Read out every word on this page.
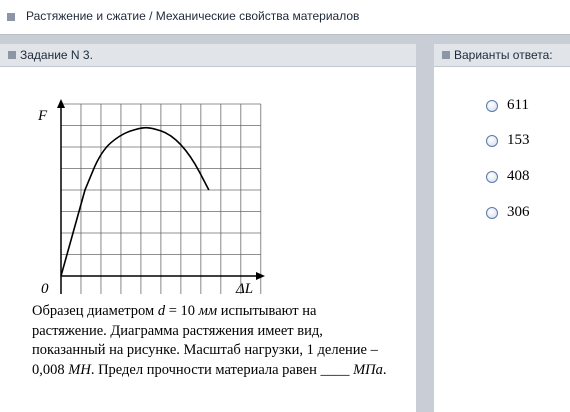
Растяжение и сжатие / Механические свойства материалов
Задание N 3.
F
ΔL
0
Образец диаметром d = 10 мм испытывают на растяжение. Диаграмма растяжения имеет вид, показанный на рисунке. Масштаб нагрузки, 1 деление – 0,008 МН. Предел прочности материала равен ____ МПа.
Варианты ответа:
611
153
408
306
